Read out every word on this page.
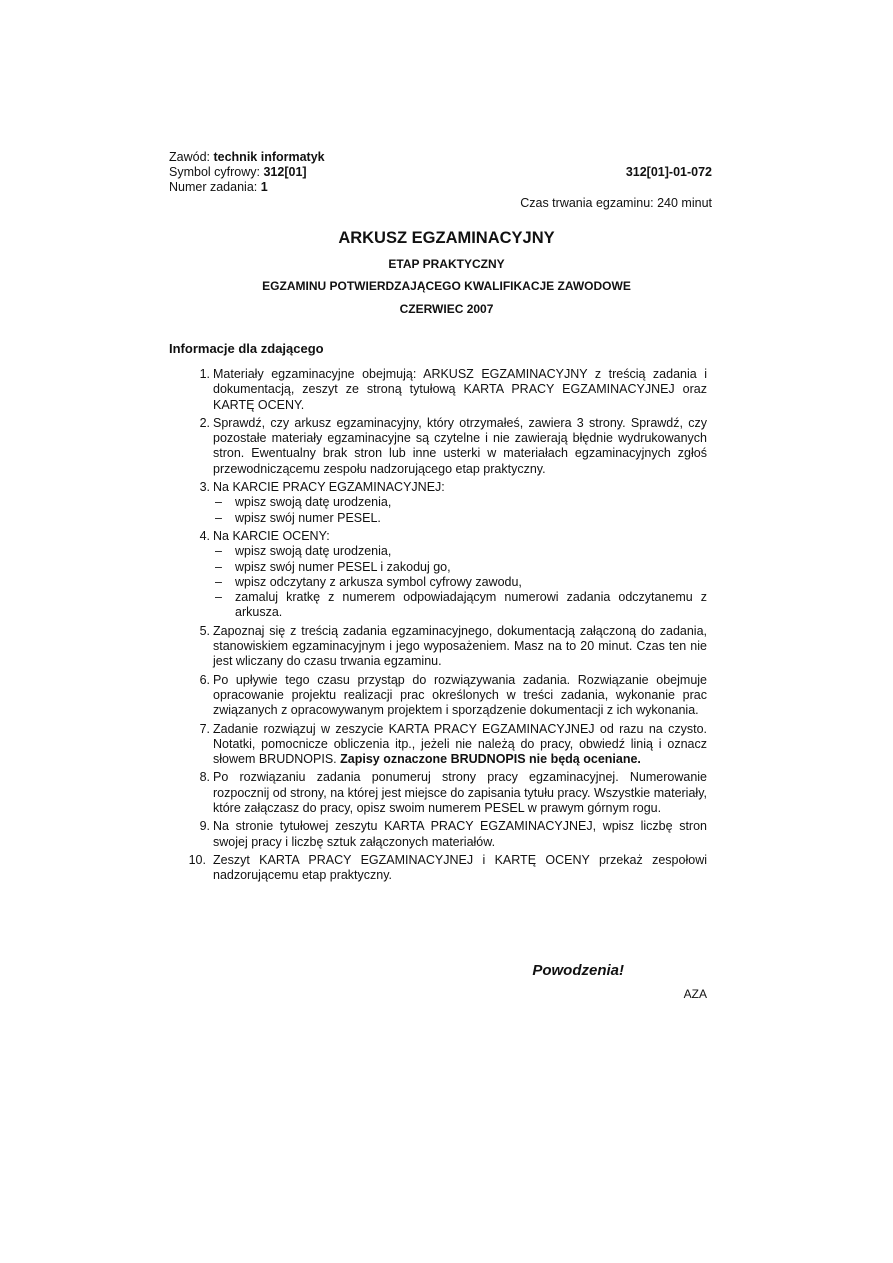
Zawód: technik informatyk
Symbol cyfrowy: 312[01]
Numer zadania: 1
312[01]-01-072
Czas trwania egzaminu: 240 minut
ARKUSZ EGZAMINACYJNY
ETAP PRAKTYCZNY
EGZAMINU POTWIERDZAJĄCEGO KWALIFIKACJE ZAWODOWE
CZERWIEC 2007
Informacje dla zdającego
1. Materiały egzaminacyjne obejmują: ARKUSZ EGZAMINACYJNY z treścią zadania i dokumentacją, zeszyt ze stroną tytułową KARTA PRACY EGZAMINACYJNEJ oraz KARTĘ OCENY.
2. Sprawdź, czy arkusz egzaminacyjny, który otrzymałeś, zawiera 3 strony. Sprawdź, czy pozostałe materiały egzaminacyjne są czytelne i nie zawierają błędnie wydrukowanych stron. Ewentualny brak stron lub inne usterki w materiałach egzaminacyjnych zgłoś przewodniczącemu zespołu nadzorującego etap praktyczny.
3. Na KARCIE PRACY EGZAMINACYJNEJ:
– wpisz swoją datę urodzenia,
– wpisz swój numer PESEL.
4. Na KARCIE OCENY:
– wpisz swoją datę urodzenia,
– wpisz swój numer PESEL i zakoduj go,
– wpisz odczytany z arkusza symbol cyfrowy zawodu,
– zamaluj kratkę z numerem odpowiadającym numerowi zadania odczytanemu z arkusza.
5. Zapoznaj się z treścią zadania egzaminacyjnego, dokumentacją załączoną do zadania, stanowiskiem egzaminacyjnym i jego wyposażeniem. Masz na to 20 minut. Czas ten nie jest wliczany do czasu trwania egzaminu.
6. Po upływie tego czasu przystąp do rozwiązywania zadania. Rozwiązanie obejmuje opracowanie projektu realizacji prac określonych w treści zadania, wykonanie prac związanych z opracowywanym projektem i sporządzenie dokumentacji z ich wykonania.
7. Zadanie rozwiązuj w zeszycie KARTA PRACY EGZAMINACYJNEJ od razu na czysto. Notatki, pomocnicze obliczenia itp., jeżeli nie należą do pracy, obwiedź linią i oznacz słowem BRUDNOPIS. Zapisy oznaczone BRUDNOPIS nie będą oceniane.
8. Po rozwiązaniu zadania ponumeruj strony pracy egzaminacyjnej. Numerowanie rozpocznij od strony, na której jest miejsce do zapisania tytułu pracy. Wszystkie materiały, które załączasz do pracy, opisz swoim numerem PESEL w prawym górnym rogu.
9. Na stronie tytułowej zeszytu KARTA PRACY EGZAMINACYJNEJ, wpisz liczbę stron swojej pracy i liczbę sztuk załączonych materiałów.
10. Zeszyt KARTA PRACY EGZAMINACYJNEJ i KARTĘ OCENY przekaż zespołowi nadzorującemu etap praktyczny.
Powodzenia!
AZA
